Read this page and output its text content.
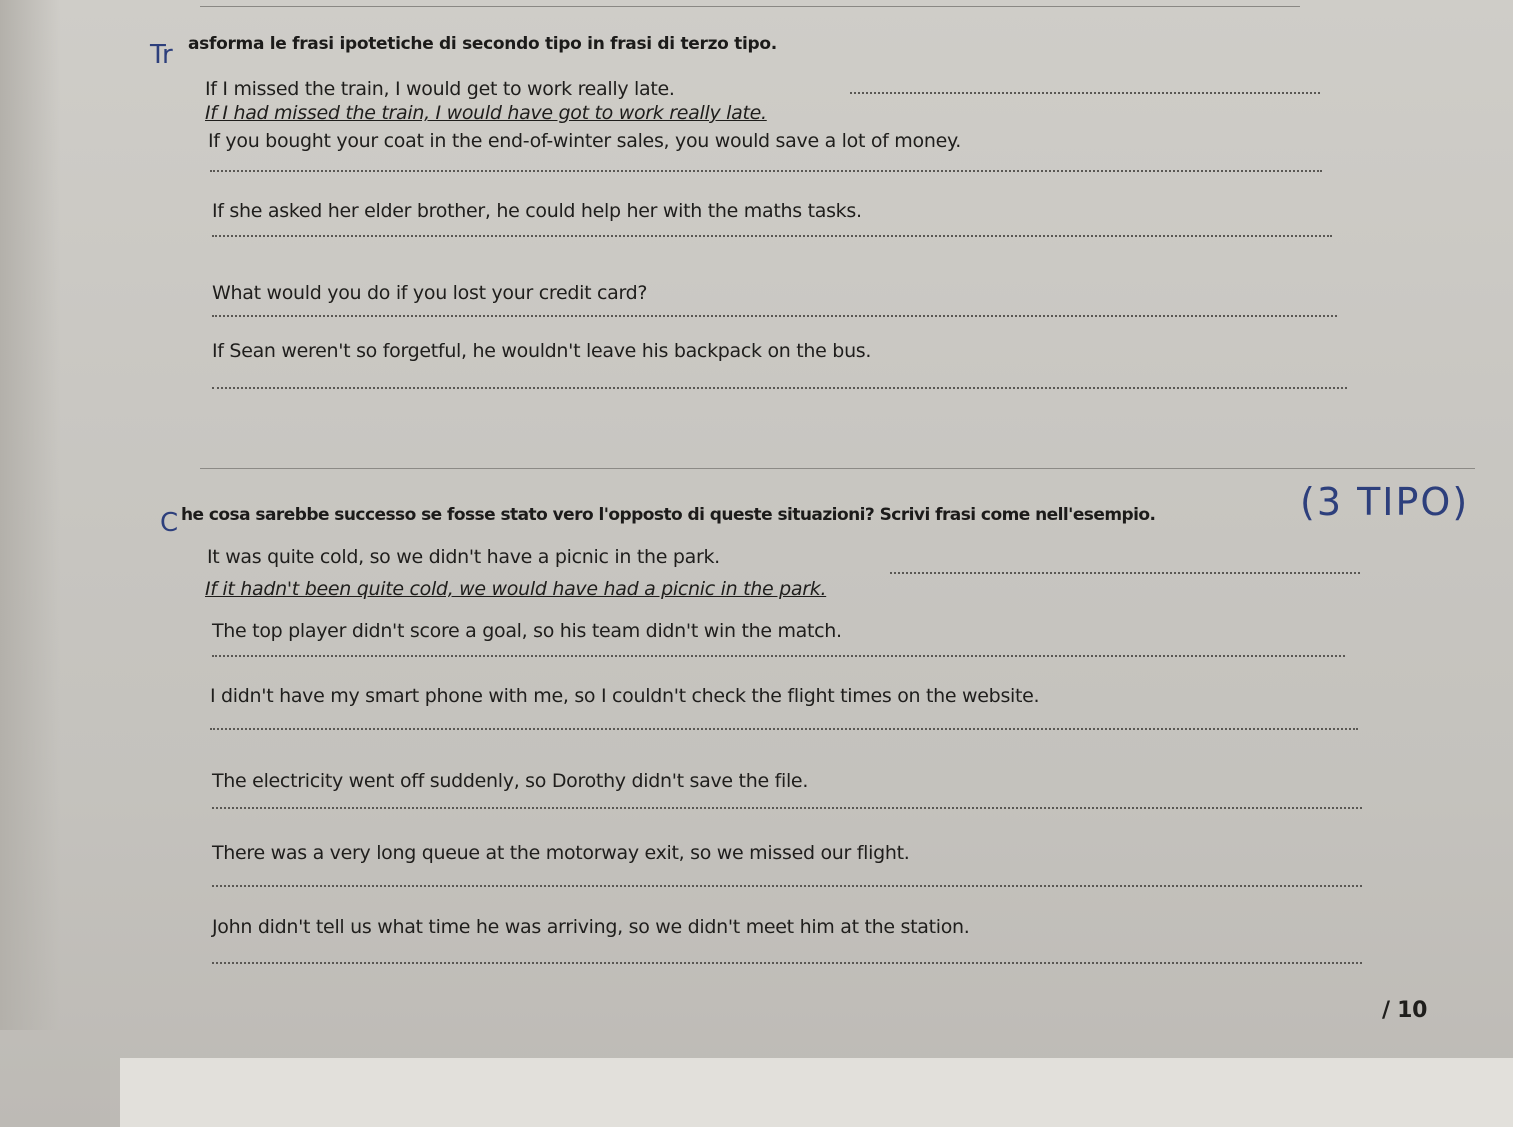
Tr asforma le frasi ipotetiche di secondo tipo in frasi di terzo tipo.
If I missed the train, I would get to work really late.
If I had missed the train, I would have got to work really late.
If you bought your coat in the end-of-winter sales, you would save a lot of money.
If she asked her elder brother, he could help her with the maths tasks.
What would you do if you lost your credit card?
If Sean weren't so forgetful, he wouldn't leave his backpack on the bus.
C he cosa sarebbe successo se fosse stato vero l'opposto di queste situazioni? Scrivi frasi come nell'esempio.	(3 TIPO)
It was quite cold, so we didn't have a picnic in the park.
If it hadn't been quite cold, we would have had a picnic in the park.
The top player didn't score a goal, so his team didn't win the match.
I didn't have my smart phone with me, so I couldn't check the flight times on the website.
The electricity went off suddenly, so Dorothy didn't save the file.
There was a very long queue at the motorway exit, so we missed our flight.
John didn't tell us what time he was arriving, so we didn't meet him at the station.
/ 10
